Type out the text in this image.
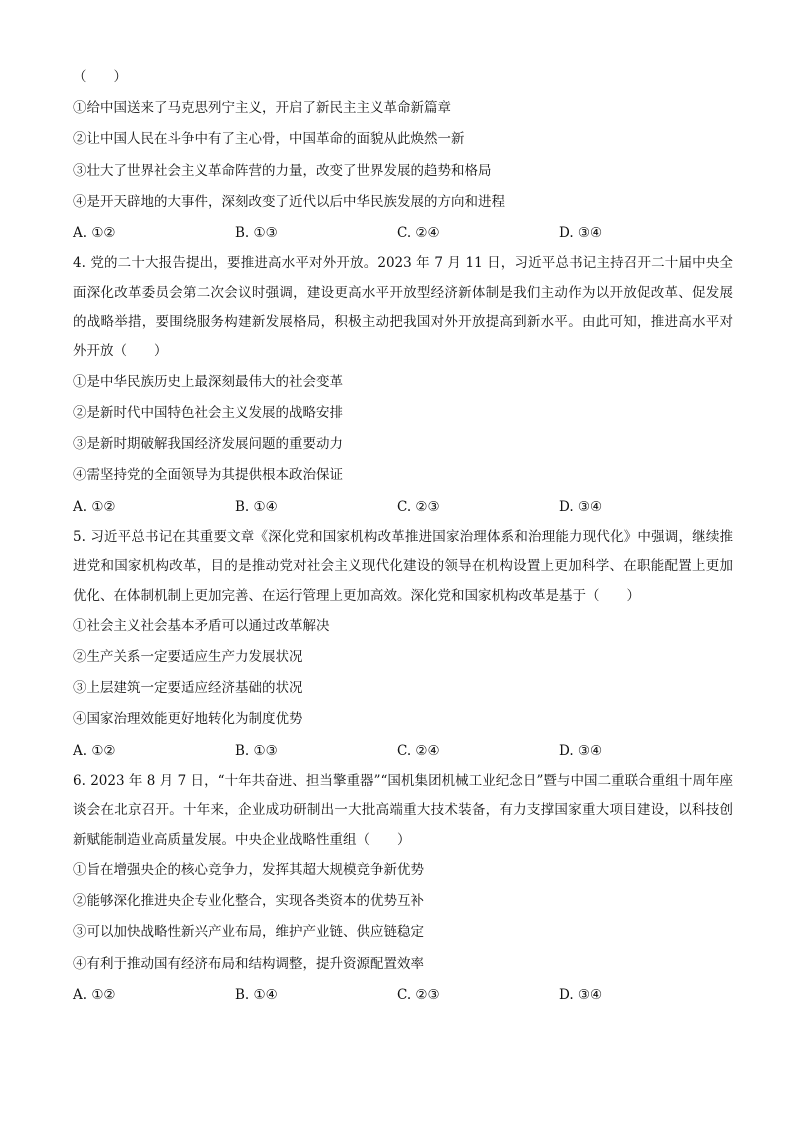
（　　）
①给中国送来了马克思列宁主义，开启了新民主主义革命新篇章
②让中国人民在斗争中有了主心骨，中国革命的面貌从此焕然一新
③壮大了世界社会主义革命阵营的力量，改变了世界发展的趋势和格局
④是开天辟地的大事件，深刻改变了近代以后中华民族发展的方向和进程
A. ①②	B. ①③	C. ②④	D. ③④
4. 党的二十大报告提出，要推进高水平对外开放。2023 年 7 月 11 日，习近平总书记主持召开二十届中央全面深化改革委员会第二次会议时强调，建设更高水平开放型经济新体制是我们主动作为以开放促改革、促发展的战略举措，要围绕服务构建新发展格局，积极主动把我国对外开放提高到新水平。由此可知，推进高水平对外开放（　　）
①是中华民族历史上最深刻最伟大的社会变革
②是新时代中国特色社会主义发展的战略安排
③是新时期破解我国经济发展问题的重要动力
④需坚持党的全面领导为其提供根本政治保证
A. ①②	B. ①④	C. ②③	D. ③④
5. 习近平总书记在其重要文章《深化党和国家机构改革推进国家治理体系和治理能力现代化》中强调，继续推进党和国家机构改革，目的是推动党对社会主义现代化建设的领导在机构设置上更加科学、在职能配置上更加优化、在体制机制上更加完善、在运行管理上更加高效。深化党和国家机构改革是基于（　　）
①社会主义社会基本矛盾可以通过改革解决
②生产关系一定要适应生产力发展状况
③上层建筑一定要适应经济基础的状况
④国家治理效能更好地转化为制度优势
A. ①②	B. ①③	C. ②④	D. ③④
6. 2023 年 8 月 7 日，“十年共奋进、担当擎重器”“国机集团机械工业纪念日”暨与中国二重联合重组十周年座谈会在北京召开。十年来，企业成功研制出一大批高端重大技术装备，有力支撑国家重大项目建设，以科技创新赋能制造业高质量发展。中央企业战略性重组（　　）
①旨在增强央企的核心竞争力，发挥其超大规模竞争新优势
②能够深化推进央企专业化整合，实现各类资本的优势互补
③可以加快战略性新兴产业布局，维护产业链、供应链稳定
④有利于推动国有经济布局和结构调整，提升资源配置效率
A. ①②	B. ①④	C. ②③	D. ③④
